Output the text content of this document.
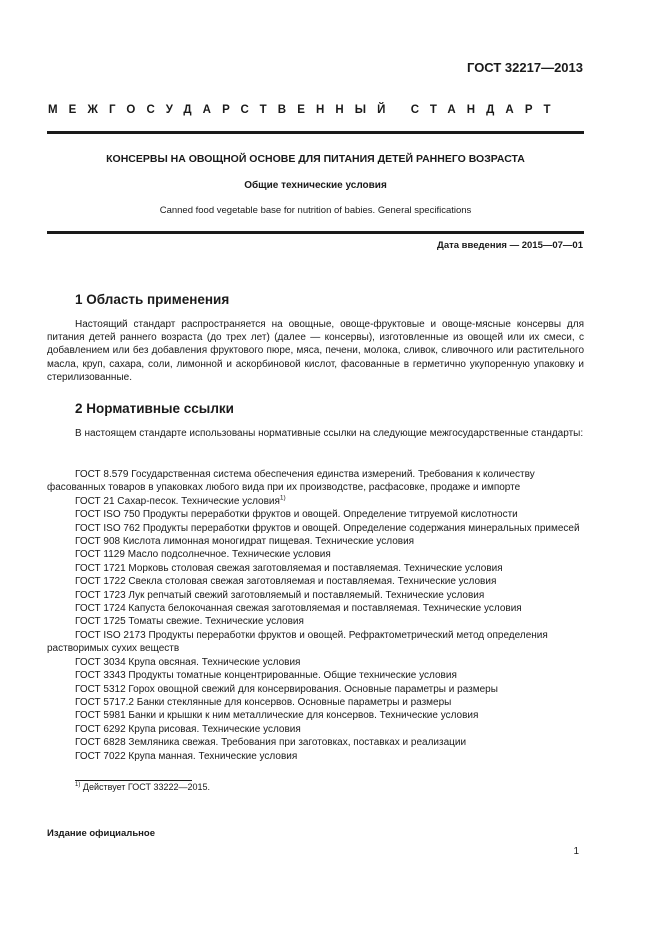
ГОСТ 32217—2013
МЕЖГОСУДАРСТВЕННЫЙ СТАНДАРТ
КОНСЕРВЫ НА ОВОЩНОЙ ОСНОВЕ ДЛЯ ПИТАНИЯ ДЕТЕЙ РАННЕГО ВОЗРАСТА
Общие технические условия
Canned food vegetable base for nutrition of babies. General specifications
Дата введения — 2015—07—01
1 Область применения
Настоящий стандарт распространяется на овощные, овоще-фруктовые и овоще-мясные консервы для питания детей раннего возраста (до трех лет) (далее — консервы), изготовленные из овощей или их смеси, с добавлением или без добавления фруктового пюре, мяса, печени, молока, сливок, сливочного или растительного масла, круп, сахара, соли, лимонной и аскорбиновой кислот, фасованные в герметично укупоренную упаковку и стерилизованные.
2 Нормативные ссылки
В настоящем стандарте использованы нормативные ссылки на следующие межгосударственные стандарты:

ГОСТ 8.579 Государственная система обеспечения единства измерений. Требования к количеству фасованных товаров в упаковках любого вида при их производстве, расфасовке, продаже и импорте

ГОСТ 21 Сахар-песок. Технические условия$^{1)}$

ГОСТ ISO 750 Продукты переработки фруктов и овощей. Определение титруемой кислотности

ГОСТ ISO 762 Продукты переработки фруктов и овощей. Определение содержания минеральных примесей

ГОСТ 908 Кислота лимонная моногидрат пищевая. Технические условия

ГОСТ 1129 Масло подсолнечное. Технические условия

ГОСТ 1721 Морковь столовая свежая заготовляемая и поставляемая. Технические условия

ГОСТ 1722 Свекла столовая свежая заготовляемая и поставляемая. Технические условия

ГОСТ 1723 Лук репчатый свежий заготовляемый и поставляемый. Технические условия

ГОСТ 1724 Капуста белокочанная свежая заготовляемая и поставляемая. Технические условия

ГОСТ 1725 Томаты свежие. Технические условия

ГОСТ ISO 2173 Продукты переработки фруктов и овощей. Рефрактометрический метод определения растворимых сухих веществ

ГОСТ 3034 Крупа овсяная. Технические условия

ГОСТ 3343 Продукты томатные концентрированные. Общие технические условия

ГОСТ 5312 Горох овощной свежий для консервирования. Основные параметры и размеры

ГОСТ 5717.2 Банки стеклянные для консервов. Основные параметры и размеры

ГОСТ 5981 Банки и крышки к ним металлические для консервов. Технические условия

ГОСТ 6292 Крупа рисовая. Технические условия

ГОСТ 6828 Земляника свежая. Требования при заготовках, поставках и реализации

ГОСТ 7022 Крупа манная. Технические условия

$^{1)}$ Действует ГОСТ 33222—2015.
Издание официальное
1
